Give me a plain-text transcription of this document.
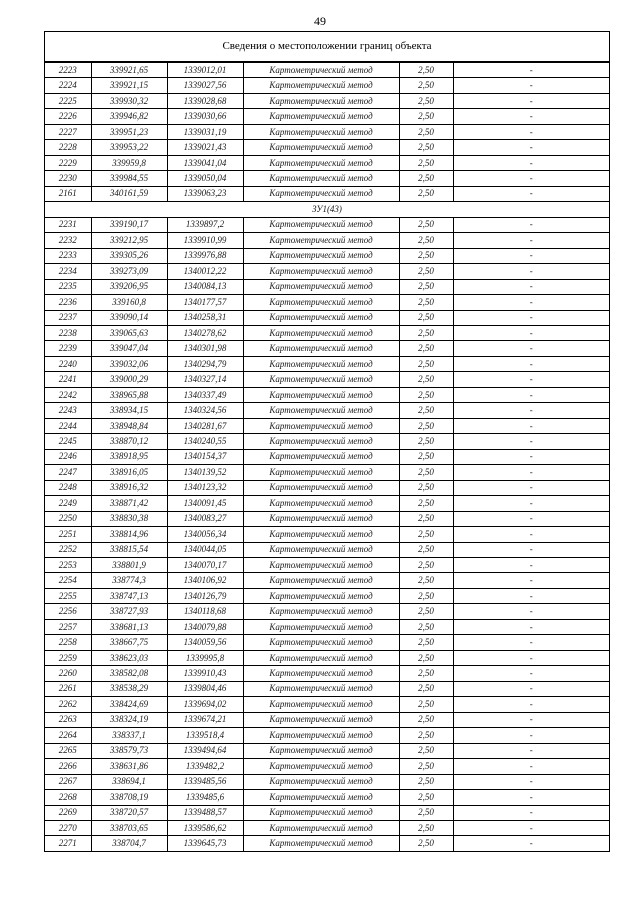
49
Сведения о местоположении границ объекта
2223	339921,65	1339012,01	Картометрический метод	2,50	-
2224	339921,15	1339027,56	Картометрический метод	2,50	-
2225	339930,32	1339028,68	Картометрический метод	2,50	-
2226	339946,82	1339030,66	Картометрический метод	2,50	-
2227	339951,23	1339031,19	Картометрический метод	2,50	-
2228	339953,22	1339021,43	Картометрический метод	2,50	-
2229	339959,8	1339041,04	Картометрический метод	2,50	-
2230	339984,55	1339050,04	Картометрический метод	2,50	-
2161	340161,59	1339063,23	Картометрический метод	2,50	-
ЗУ1(43)					
2231	339190,17	1339897,2	Картометрический метод	2,50	-
2232	339212,95	1339910,99	Картометрический метод	2,50	-
2233	339305,26	1339976,88	Картометрический метод	2,50	-
2234	339273,09	1340012,22	Картометрический метод	2,50	-
2235	339206,95	1340084,13	Картометрический метод	2,50	-
2236	339160,8	1340177,57	Картометрический метод	2,50	-
2237	339090,14	1340258,31	Картометрический метод	2,50	-
2238	339065,63	1340278,62	Картометрический метод	2,50	-
2239	339047,04	1340301,98	Картометрический метод	2,50	-
2240	339032,06	1340294,79	Картометрический метод	2,50	-
2241	339000,29	1340327,14	Картометрический метод	2,50	-
2242	338965,88	1340337,49	Картометрический метод	2,50	-
2243	338934,15	1340324,56	Картометрический метод	2,50	-
2244	338948,84	1340281,67	Картометрический метод	2,50	-
2245	338870,12	1340240,55	Картометрический метод	2,50	-
2246	338918,95	1340154,37	Картометрический метод	2,50	-
2247	338916,05	1340139,52	Картометрический метод	2,50	-
2248	338916,32	1340123,32	Картометрический метод	2,50	-
2249	338871,42	1340091,45	Картометрический метод	2,50	-
2250	338830,38	1340083,27	Картометрический метод	2,50	-
2251	338814,96	1340056,34	Картометрический метод	2,50	-
2252	338815,54	1340044,05	Картометрический метод	2,50	-
2253	338801,9	1340070,17	Картометрический метод	2,50	-
2254	338774,3	1340106,92	Картометрический метод	2,50	-
2255	338747,13	1340126,79	Картометрический метод	2,50	-
2256	338727,93	1340118,68	Картометрический метод	2,50	-
2257	338681,13	1340079,88	Картометрический метод	2,50	-
2258	338667,75	1340059,56	Картометрический метод	2,50	-
2259	338623,03	1339995,8	Картометрический метод	2,50	-
2260	338582,08	1339910,43	Картометрический метод	2,50	-
2261	338538,29	1339804,46	Картометрический метод	2,50	-
2262	338424,69	1339694,02	Картометрический метод	2,50	-
2263	338324,19	1339674,21	Картометрический метод	2,50	-
2264	338337,1	1339518,4	Картометрический метод	2,50	-
2265	338579,73	1339494,64	Картометрический метод	2,50	-
2266	338631,86	1339482,2	Картометрический метод	2,50	-
2267	338694,1	1339485,56	Картометрический метод	2,50	-
2268	338708,19	1339485,6	Картометрический метод	2,50	-
2269	338720,57	1339488,57	Картометрический метод	2,50	-
2270	338703,65	1339586,62	Картометрический метод	2,50	-
2271	338704,7	1339645,73	Картометрический метод	2,50	-
